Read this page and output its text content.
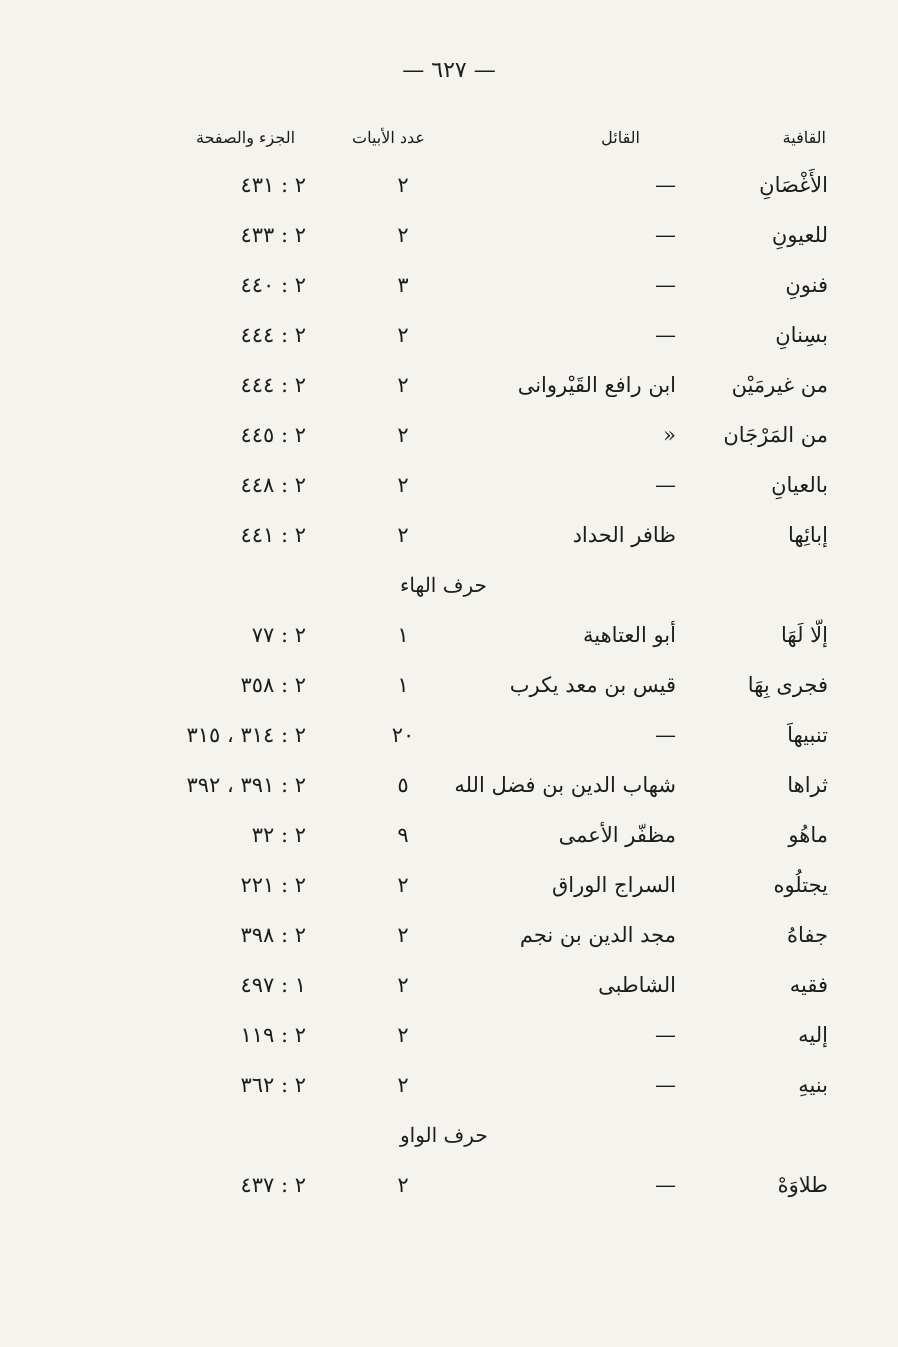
— ٦٢٧ —
القافية
القائل
عدد الأبيات
الجزء والصفحة
الأَغْصَانِ
—
٢
٢ : ٤٣١
للعيونِ
—
٢
٢ : ٤٣٣
فنونِ
—
٣
٢ : ٤٤٠
بسِنانِ
—
٢
٢ : ٤٤٤
من غيرمَيْن
ابن رافع القَيْروانى
٢
٢ : ٤٤٤
من المَرْجَان
«
٢
٢ : ٤٤٥
بالعيانِ
—
٢
٢ : ٤٤٨
إبائِها
ظافر الحداد
٢
٢ : ٤٤١
حرف الهاء
إلّا لَهَا
أبو العتاهية
١
٢ : ٧٧
فجرى بِهَا
قيس بن معد يكرب
١
٢ : ٣٥٨
تنبيهاَ
—
٢٠
٢ : ٣١٤ ، ٣١٥
ثراها
شهاب الدين بن فضل الله
٥
٢ : ٣٩١ ، ٣٩٢
ماهُو
مظفّر الأعمى
٩
٢ : ٣٢
يجتلُوه
السراج الوراق
٢
٢ : ٢٢١
جفاهُ
مجد الدين بن نجم
٢
٢ : ٣٩٨
فقيه
الشاطبى
٢
١ : ٤٩٧
إليه
—
٢
٢ : ١١٩
بنيهِ
—
٢
٢ : ٣٦٢
حرف الواو
طلاوَهْ
—
٢
٢ : ٤٣٧
